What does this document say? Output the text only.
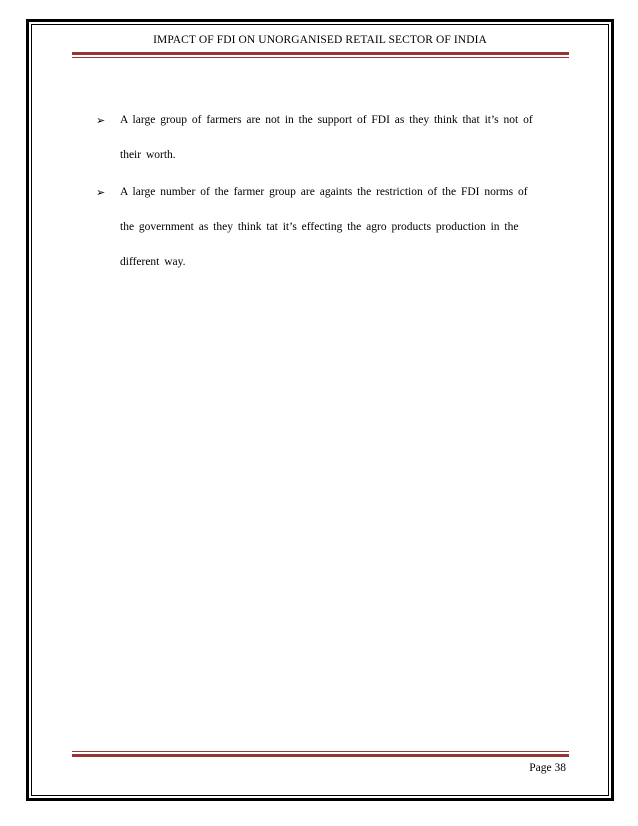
IMPACT OF FDI ON UNORGANISED RETAIL SECTOR OF INDIA
➢	A large group of farmers are not in the support of FDI as they think that it’s not of their worth.
➢	A large number of the farmer group are againts the restriction of the FDI norms of the government as they think tat it’s effecting the agro products production in the different way.
Page 38
